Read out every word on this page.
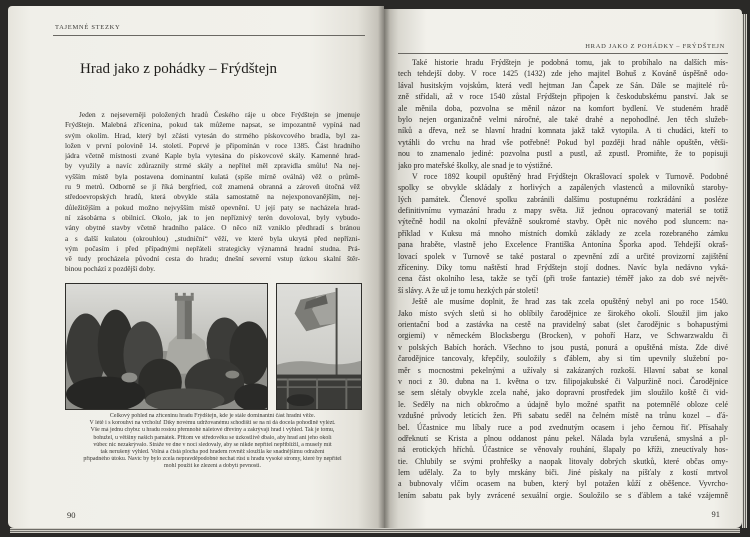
TAJEMNÉ STEZKY
Hrad jako z pohádky – Frýdštejn
Jeden z nejseverněji položených hradů Českého ráje u obce Frýdštejn se jmenuje
Frýdštejn. Malebná zřícenina, pokud tak můžeme napsat, se impozantně vypíná nad
svým okolím. Hrad, který byl zčásti vytesán do strmého pískovcového bradla, byl za-
ložen v první polovině 14. století. Poprvé je připomínán v roce 1385. Část hradního
jádra včetně místnosti zvané Kaple byla vytesána do pískovcové skály. Kamenné hrad-
by využily a navíc zdůraznily strmé skály a nepřítel měl zpravidla smůlu! Na nej-
vyšším místě byla postavena dominantní kulatá (spíše mírně oválná) věž o průmě-
ru 9 metrů. Odborně se jí říká bergfried, což znamená obranná a zároveň útočná věž
středoevropských hradů, která obvykle stála samostatně na nejexponovanějším, nej-
důležitějším a pokud možno nejvyšším místě opevnění. U její paty se nacházela hrad-
ní zásobárna s obilnicí. Okolo, jak to jen nepříznivý terén dovoloval, byly vybudo-
vány obytné stavby včetně hradního paláce. O něco níž vzniklo předhradí s bránou
a s další kulatou (okrouhlou) „studniční“ věží, ve které byla ukrytá před nepřízni-
vým počasím i před případnými nepřáteli strategicky významná hradní studna. Prá-
vě tudy procházela původní cesta do hradu; dnešní severní vstup úzkou skalní štěr-
binou pochází z pozdější doby.
Celkový pohled na zříceninu hradu Frýdštejn, kde je stále dominantní část hradní věže.
V létě i s korouhví na vrcholu! Díky novému udržovanému schodišti se na ni dá docela pohodlně vylézt.
Vše má jednu chybu: u hradu rostou přemnohé náletové dřeviny a zakrývají hrad i výhled. Tak je tomu,
bohužel, u většiny našich památek. Přitom ve středověku se úzkostlivě dbalo, aby hrad ani jeho okolí
vůbec nic nezakrývalo. Stráže ve dne v noci sledovaly, aby se nikde nepřítel nepřiblížil, a musely mít
tak nerušený výhled. Volná a čistá plocha pod hradem rovněž sloužila ke snadnějšímu odražení
případného útoku. Navíc by bylo zcela nepravděpodobné nechat růst u hradu vysoké stromy, které by nepřítel
mohl použít ke zlezení a dobytí pevnosti.
90
HRAD JAKO Z POHÁDKY – FRÝDŠTEJN
Také historie hradu Frýdštejn je podobná tomu, jak to probíhalo na dalších mís-
tech tehdejší doby. V roce 1425 (1432) zde jeho majitel Bohuš z Kováně úspěšně odo-
lával husitským vojskům, která vedl hejtman Jan Čapek ze Sán. Dále se majitelé rů-
zně střídali, až v roce 1540 zůstal Frýdštejn připojen k českodubskému panství. Jak se
ale měnila doba, pozvolna se měnil názor na komfort bydlení. Ve studeném hradě
bylo nejen organizačně velmi náročné, ale také drahé a nepohodlné. Jen těch služeb-
níků a dřeva, než se hlavní hradní komnata jakž takž vytopila. A ti chudáci, kteří to
vytáhli do vrchu na hrad vše potřebné! Pokud byl později hrad náhle opuštěn, větši-
nou to znamenalo jediné: pozvolna pustl a pustl, až zpustl. Promiňte, že to popisuji
jako pro mateřské školky, ale snad je to výstižné.
V roce 1892 koupil opuštěný hrad Frýdštejn Okrašlovací spolek v Turnově. Podobné
spolky se obvykle skládaly z horlivých a zapálených vlastenců a milovníků staroby-
lých památek. Členové spolku zabránili dalšímu postupnému rozkrádání a posléze
definitivnímu vymazání hradu z mapy světa. Již jednou opracovaný materiál se totiž
výtečně hodil na okolní převážně soukromé stavby. Opět nic nového pod sluncem: na-
příklad v Kuksu má mnoho místních domků základy ze zcela rozebraného zámku
pana hraběte, vlastně jeho Excelence Františka Antonína Šporka apod. Tehdejší okraš-
lovací spolek v Turnově se také postaral o zpevnění zdí a určité provizorní zajištění
zříceniny. Díky tomu naštěstí hrad Frýdštejn stojí dodnes. Navíc byla nedávno vyká-
cena část okolního lesa, takže se tyčí (při troše fantazie) téměř jako za dob své největ-
ší slávy. A že už je tomu hezkých pár století!
Ještě ale musíme doplnit, že hrad zas tak zcela opuštěný nebyl ani po roce 1540.
Jako místo svých sletů si ho oblíbily čarodějnice ze širokého okolí. Sloužil jim jako
orientační bod a zastávka na cestě na pravidelný sabat (slet čarodějnic s bohapustými
orgiemi) v německém Blocksbergu (Brocken), v pohoří Harz, ve Schwarzwaldu či
v polských Babích horách. Všechno to jsou pustá, ponurá a opuštěná místa. Zde divé
čarodějnice tancovaly, křepčily, souložily s ďáblem, aby si tím upevnily služební po-
měr s mocnostmi pekelnými a užívaly si zakázaných rozkoší. Hlavní sabat se konal
v noci z 30. dubna na 1. května o tzv. filipojakubské či Valpuržině noci. Čarodějnice
se sem slétaly obvykle zcela nahé, jako dopravní prostředek jim sloužilo koště či vid-
le. Seděly na nich obkročmo a údajně bylo možné spatřit na potemnělé obloze celé
vzdušné průvody letících žen. Při sabatu seděl na čelném místě na trůnu kozel – ďá-
bel. Účastnice mu líbaly ruce a pod zvednutým ocasem i jeho černou řiť. Přísahaly
odřeknutí se Krista a plnou oddanost pánu pekel. Nálada byla vzrušená, smyslná a pl-
ná erotických hříchů. Účastnice se věnovaly rouhání, šlapaly po kříži, zneuctívaly hos-
tie. Chlubily se svými prohřešky a naopak litovaly dobrých skutků, které občas omy-
lem udělaly. Za to byly mrskány biči. Jiné pískaly na píšťaly z kostí mrtvol
a bubnovaly vlčím ocasem na buben, který byl potažen kůží z oběšence. Vyvrcho-
lením sabatu pak byly zvrácené sexuální orgie. Souložilo se s ďáblem a také vzájemně
91
